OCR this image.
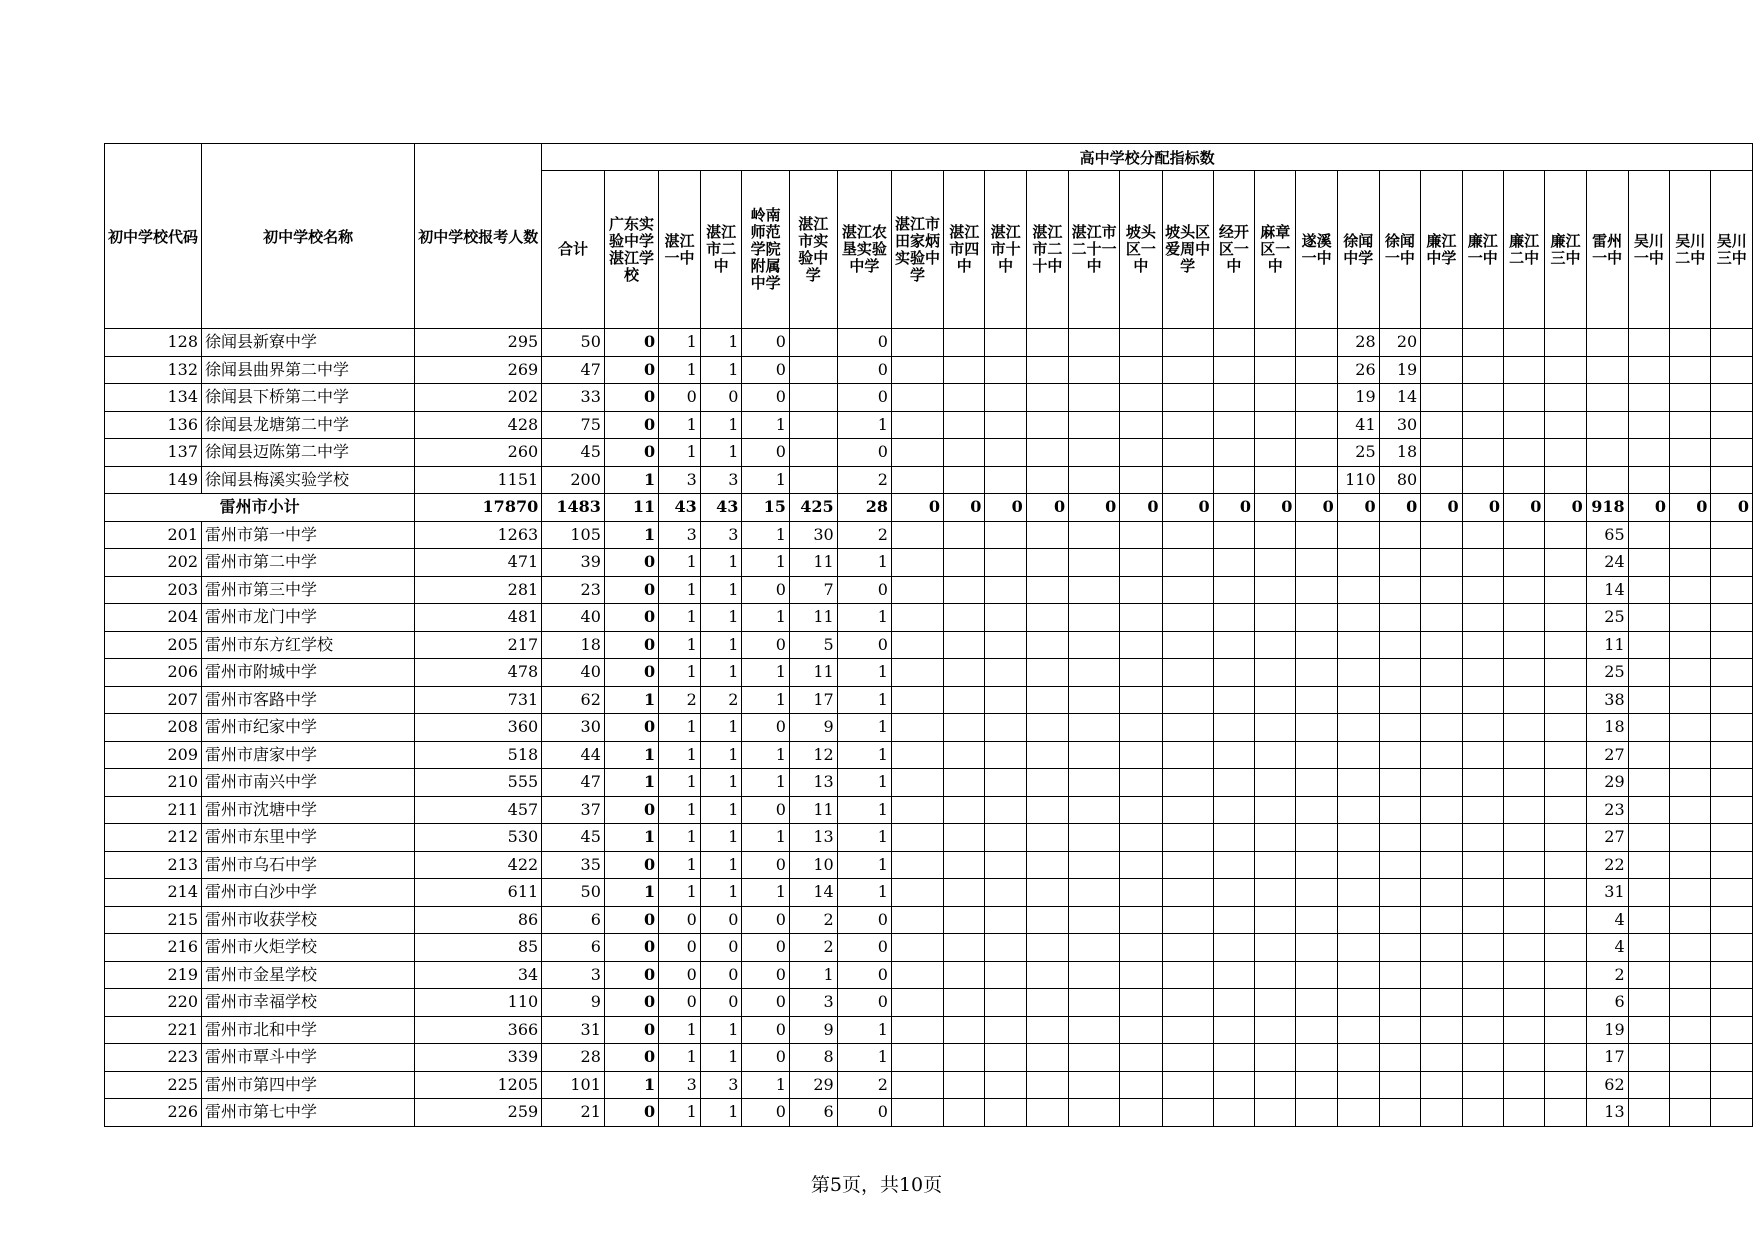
初中学校代码	初中学校名称	初中学校报考人数	高中学校分配指标数																										
			合计	广东实验中学湛江学校	湛江一中	湛江市二中	岭南师范学院附属中学	湛江市实验中学	湛江农垦实验中学	湛江市田家炳实验中学	湛江市四中	湛江市十中	湛江市二十中	湛江市二十一中	坡头区一中	坡头区爱周中学	经开区一中	麻章区一中	遂溪一中	徐闻中学	徐闻一中	廉江中学	廉江一中	廉江二中	廉江三中	雷州一中	吴川一中	吴川二中	吴川三中
128	徐闻县新寮中学	295	50	0	1	1	0		0											28	20								
132	徐闻县曲界第二中学	269	47	0	1	1	0		0											26	19								
134	徐闻县下桥第二中学	202	33	0	0	0	0		0											19	14								
136	徐闻县龙塘第二中学	428	75	0	1	1	1		1											41	30								
137	徐闻县迈陈第二中学	260	45	0	1	1	0		0											25	18								
149	徐闻县梅溪实验学校	1151	200	1	3	3	1		2											110	80								
雷州市小计		17870	1483	11	43	43	15	425	28	0	0	0	0	0	0	0	0	0	0	0	0	0	0	0	0	918	0	0	0
201	雷州市第一中学	1263	105	1	3	3	1	30	2																	65			
202	雷州市第二中学	471	39	0	1	1	1	11	1																	24			
203	雷州市第三中学	281	23	0	1	1	0	7	0																	14			
204	雷州市龙门中学	481	40	0	1	1	1	11	1																	25			
205	雷州市东方红学校	217	18	0	1	1	0	5	0																	11			
206	雷州市附城中学	478	40	0	1	1	1	11	1																	25			
207	雷州市客路中学	731	62	1	2	2	1	17	1																	38			
208	雷州市纪家中学	360	30	0	1	1	0	9	1																	18			
209	雷州市唐家中学	518	44	1	1	1	1	12	1																	27			
210	雷州市南兴中学	555	47	1	1	1	1	13	1																	29			
211	雷州市沈塘中学	457	37	0	1	1	0	11	1																	23			
212	雷州市东里中学	530	45	1	1	1	1	13	1																	27			
213	雷州市乌石中学	422	35	0	1	1	0	10	1																	22			
214	雷州市白沙中学	611	50	1	1	1	1	14	1																	31			
215	雷州市收获学校	86	6	0	0	0	0	2	0																	4			
216	雷州市火炬学校	85	6	0	0	0	0	2	0																	4			
219	雷州市金星学校	34	3	0	0	0	0	1	0																	2			
220	雷州市幸福学校	110	9	0	0	0	0	3	0																	6			
221	雷州市北和中学	366	31	0	1	1	0	9	1																	19			
223	雷州市覃斗中学	339	28	0	1	1	0	8	1																	17			
225	雷州市第四中学	1205	101	1	3	3	1	29	2																	62			
226	雷州市第七中学	259	21	0	1	1	0	6	0																	13			
第5页，共10页
